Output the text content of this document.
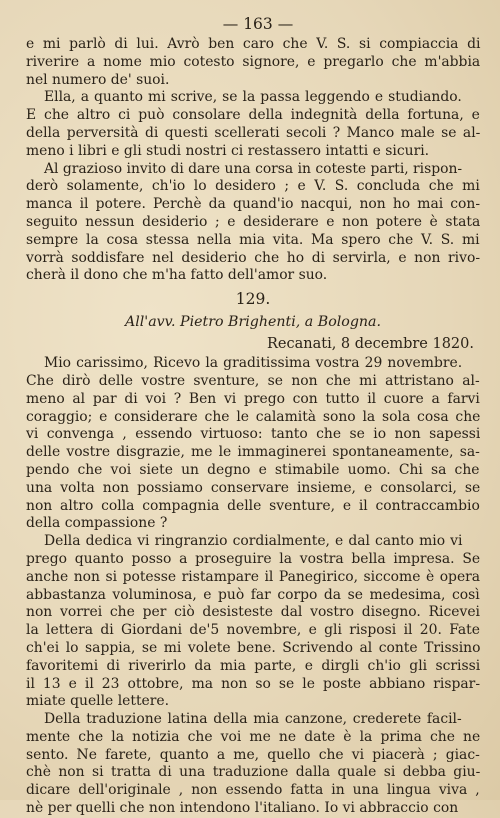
— 163 —
e mi parlò di lui. Avrò ben caro che V. S. si compiaccia di
riverire a nome mio cotesto signore, e pregarlo che m'abbia
nel numero de' suoi.
Ella, a quanto mi scrive, se la passa leggendo e studiando.
E che altro ci può consolare della indegnità della fortuna, e
della perversità di questi scellerati secoli ? Manco male se al-
meno i libri e gli studi nostri ci restassero intatti e sicuri.
Al grazioso invito di dare una corsa in coteste parti, rispon-
derò solamente, ch'io lo desidero ; e V. S. concluda che mi
manca il potere. Perchè da quand'io nacqui, non ho mai con-
seguito nessun desiderio ; e desiderare e non potere è stata
sempre la cosa stessa nella mia vita. Ma spero che V. S. mi
vorrà soddisfare nel desiderio che ho di servirla, e non rivo-
cherà il dono che m'ha fatto dell'amor suo.
129.
All'avv. Pietro Brighenti, a Bologna.
Recanati, 8 decembre 1820.
Mio carissimo, Ricevo la graditissima vostra 29 novembre.
Che dirò delle vostre sventure, se non che mi attristano al-
meno al par di voi ? Ben vi prego con tutto il cuore a farvi
coraggio; e considerare che le calamità sono la sola cosa che
vi convenga , essendo virtuoso: tanto che se io non sapessi
delle vostre disgrazie, me le immaginerei spontaneamente, sa-
pendo che voi siete un degno e stimabile uomo. Chi sa che
una volta non possiamo conservare insieme, e consolarci, se
non altro colla compagnia delle sventure, e il contraccambio
della compassione ?
Della dedica vi ringranzio cordialmente, e dal canto mio vi
prego quanto posso a proseguire la vostra bella impresa. Se
anche non si potesse ristampare il Panegirico, siccome è opera
abbastanza voluminosa, e può far corpo da se medesima, così
non vorrei che per ciò desisteste dal vostro disegno. Ricevei
la lettera di Giordani de'5 novembre, e gli risposi il 20. Fate
ch'ei lo sappia, se mi volete bene. Scrivendo al conte Trissino
favoritemi di riverirlo da mia parte, e dirgli ch'io gli scrissi
il 13 e il 23 ottobre, ma non so se le poste abbiano rispar-
miate quelle lettere.
Della traduzione latina della mia canzone, crederete facil-
mente che la notizia che voi me ne date è la prima che ne
sento. Ne farete, quanto a me, quello che vi piacerà ; giac-
chè non si tratta di una traduzione dalla quale si debba giu-
dicare dell'originale , non essendo fatta in una lingua viva ,
nè per quelli che non intendono l'italiano. Io vi abbraccio con
